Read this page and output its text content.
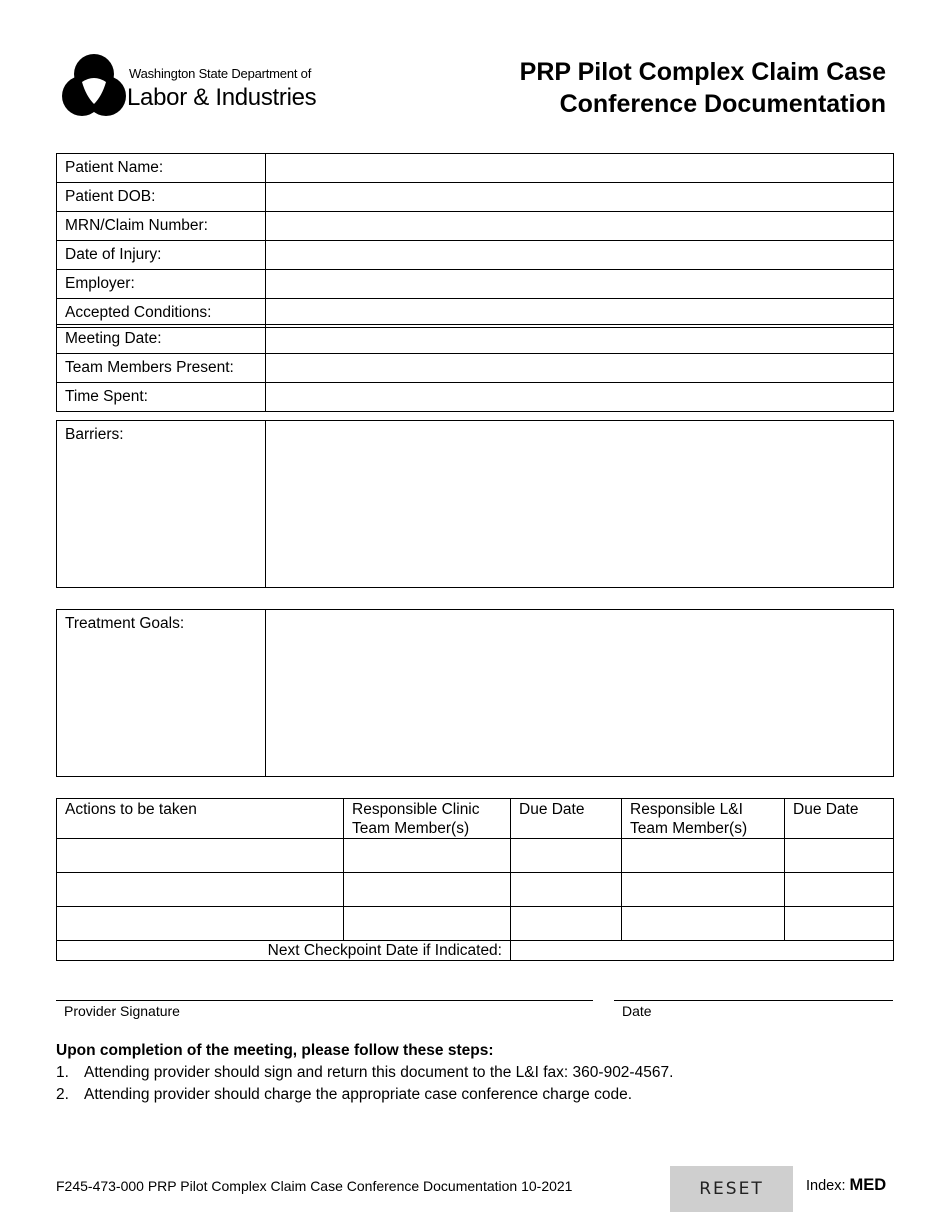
Washington State Department of
Labor & Industries
PRP Pilot Complex Claim Case
Conference Documentation
Patient Name:	
Patient DOB:	
MRN/Claim Number:	
Date of Injury:	
Employer:	
Accepted Conditions:	
Meeting Date:	
Team Members Present:	
Time Spent:	
Barriers:	
Treatment Goals:	
Actions to be taken	Responsible Clinic Team Member(s)	Due Date	Responsible L&I Team Member(s)	Due Date

Next Checkpoint Date if Indicated:				
Provider Signature	Date
Upon completion of the meeting, please follow these steps:
1. Attending provider should sign and return this document to the L&I fax: 360-902-4567.
2. Attending provider should charge the appropriate case conference charge code.
F245-473-000 PRP Pilot Complex Claim Case Conference Documentation 10-2021	RESET	Index: MED
